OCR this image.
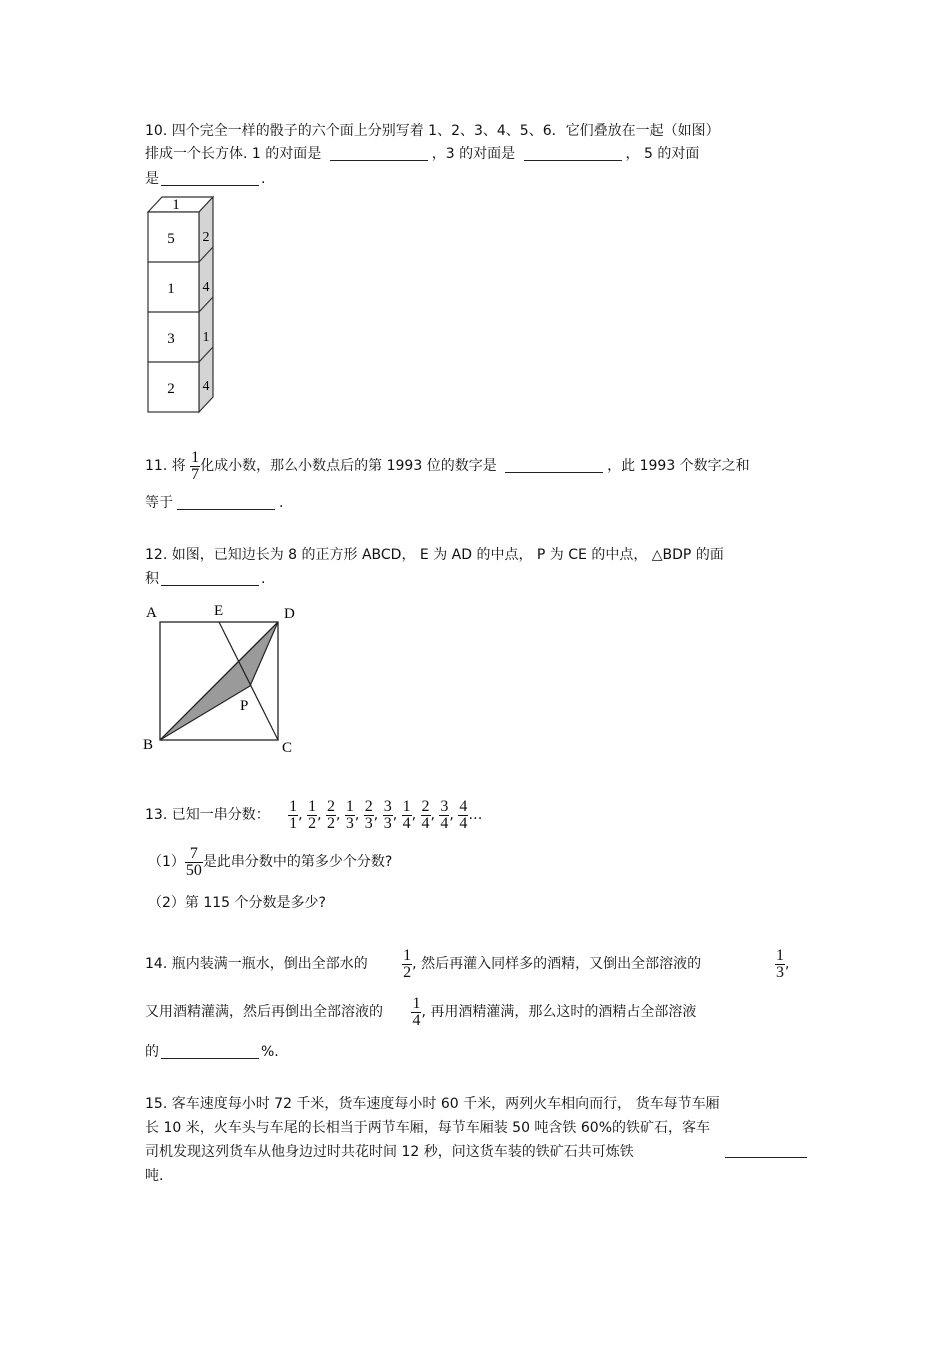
10. 四个完全一样的骰子的六个面上分别写着 1、2、3、4、5、6．它们叠放在一起（如图）
排成一个长方体. 1 的对面是	，3 的对面是	， 5 的对面
是	.
1
5
1
3
2
2
4
1
4
11. 将 $\frac{1}{7}$ 化成小数，那么小数点后的第 1993 位的数字是	，此 1993 个数字之和
等于	.
12. 如图，已知边长为 8 的正方形 ABCD， E 为 AD 的中点， P 为 CE 的中点， △BDP 的面
积	.
A	E	D
B	C
P
13. 已知一串分数： $\frac{1}{1}$ , $\frac{1}{2}$ , $\frac{2}{2}$ , $\frac{1}{3}$ , $\frac{2}{3}$ , $\frac{3}{3}$ , $\frac{1}{4}$ , $\frac{2}{4}$ , $\frac{3}{4}$ , $\frac{4}{4}$ …
$(1) \frac{7}{50}$ 是此串分数中的第多少个分数?
（2）第 115 个分数是多少?
14. 瓶内装满一瓶水，倒出全部水的 $\frac{1}{2}$ , 然后再灌入同样多的酒精，又倒出全部溶液的	$\frac{1}{3}$ ,
又用酒精灌满，然后再倒出全部溶液的 $\frac{1}{4}$ , 再用酒精灌满，那么这时的酒精占全部溶液
的	%.
15. 客车速度每小时 72 千米，货车速度每小时 60 千米，两列火车相向而行， 货车每节车厢
长 10 米，火车头与车尾的长相当于两节车厢，每节车厢装 50 吨含铁 60%的铁矿石，客车
司机发现这列货车从他身边过时共花时间 12 秒，问这货车装的铁矿石共可炼铁
吨.
